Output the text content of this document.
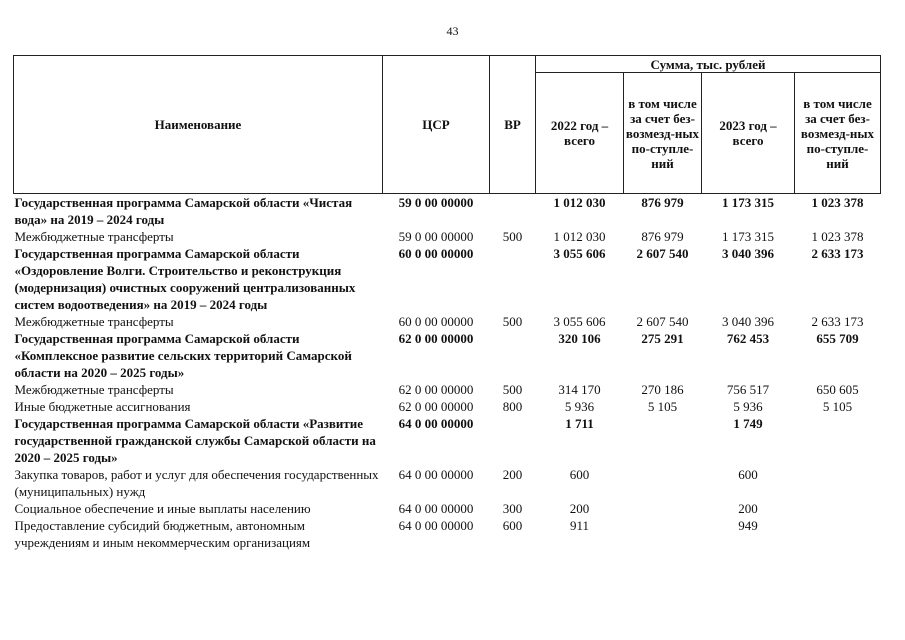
43
Наименование	ЦСР	ВР	Сумма, тыс. рублей			
			2022 год – всего	в том числе за счет без-возмезд-ных по-ступле-ний	2023 год – всего	в том числе за счет без-возмезд-ных по-ступле-ний
Государственная программа Самарской области «Чистая вода» на 2019 – 2024 годы	59 0 00 00000		1 012 030	876 979	1 173 315	1 023 378
Межбюджетные трансферты	59 0 00 00000	500	1 012 030	876 979	1 173 315	1 023 378
Государственная программа Самарской области «Оздоровление Волги. Строительство и реконструкция (модернизация) очистных сооружений централизованных систем водоотведения» на 2019 – 2024 годы	60 0 00 00000		3 055 606	2 607 540	3 040 396	2 633 173
Межбюджетные трансферты	60 0 00 00000	500	3 055 606	2 607 540	3 040 396	2 633 173
Государственная программа Самарской области «Комплексное развитие сельских территорий Самарской области на 2020 – 2025 годы»	62 0 00 00000		320 106	275 291	762 453	655 709
Межбюджетные трансферты	62 0 00 00000	500	314 170	270 186	756 517	650 605
Иные бюджетные ассигнования	62 0 00 00000	800	5 936	5 105	5 936	5 105
Государственная программа Самарской области «Развитие государственной гражданской службы Самарской области на 2020 – 2025 годы»	64 0 00 00000		1 711		1 749	
Закупка товаров, работ и услуг для обеспечения государственных (муниципальных) нужд	64 0 00 00000	200	600		600	
Социальное обеспечение и иные выплаты населению	64 0 00 00000	300	200		200	
Предоставление субсидий бюджетным, автономным учреждениям и иным некоммерческим организациям	64 0 00 00000	600	911		949	
